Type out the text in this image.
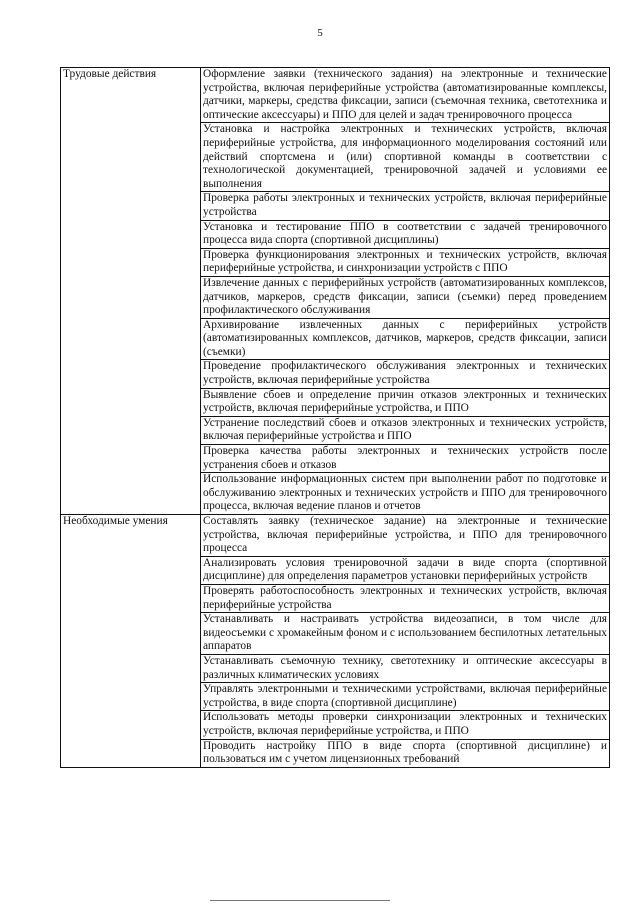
5
Трудовые действия	Оформление заявки (технического задания) на электронные и технические устройства, включая периферийные устройства (автоматизированные комплексы, датчики, маркеры, средства фиксации, записи (съемочная техника, светотехника и оптические аксессуары) и ППО для целей и задач тренировочного процесса
	Установка и настройка электронных и технических устройств, включая периферийные устройства, для информационного моделирования состояний или действий спортсмена и (или) спортивной команды в соответствии с технологической документацией, тренировочной задачей и условиями ее выполнения
	Проверка работы электронных и технических устройств, включая периферийные устройства
	Установка и тестирование ППО в соответствии с задачей тренировочного процесса вида спорта (спортивной дисциплины)
	Проверка функционирования электронных и технических устройств, включая периферийные устройства, и синхронизации устройств с ППО
	Извлечение данных с периферийных устройств (автоматизированных комплексов, датчиков, маркеров, средств фиксации, записи (съемки) перед проведением профилактического обслуживания
	Архивирование извлеченных данных с периферийных устройств (автоматизированных комплексов, датчиков, маркеров, средств фиксации, записи (съемки)
	Проведение профилактического обслуживания электронных и технических устройств, включая периферийные устройства
	Выявление сбоев и определение причин отказов электронных и технических устройств, включая периферийные устройства, и ППО
	Устранение последствий сбоев и отказов электронных и технических устройств, включая периферийные устройства и ППО
	Проверка качества работы электронных и технических устройств после устранения сбоев и отказов
	Использование информационных систем при выполнении работ по подготовке и обслуживанию электронных и технических устройств и ППО для тренировочного процесса, включая ведение планов и отчетов
Необходимые умения	Составлять заявку (техническое задание) на электронные и технические устройства, включая периферийные устройства, и ППО для тренировочного процесса
	Анализировать условия тренировочной задачи в виде спорта (спортивной дисциплине) для определения параметров установки периферийных устройств
	Проверять работоспособность электронных и технических устройств, включая периферийные устройства
	Устанавливать и настраивать устройства видеозаписи, в том числе для видеосъемки с хромакейным фоном и с использованием беспилотных летательных аппаратов
	Устанавливать съемочную технику, светотехнику и оптические аксессуары в различных климатических условиях
	Управлять электронными и техническими устройствами, включая периферийные устройства, в виде спорта (спортивной дисциплине)
	Использовать методы проверки синхронизации электронных и технических устройств, включая периферийные устройства, и ППО
	Проводить настройку ППО в виде спорта (спортивной дисциплине) и пользоваться им с учетом лицензионных требований
